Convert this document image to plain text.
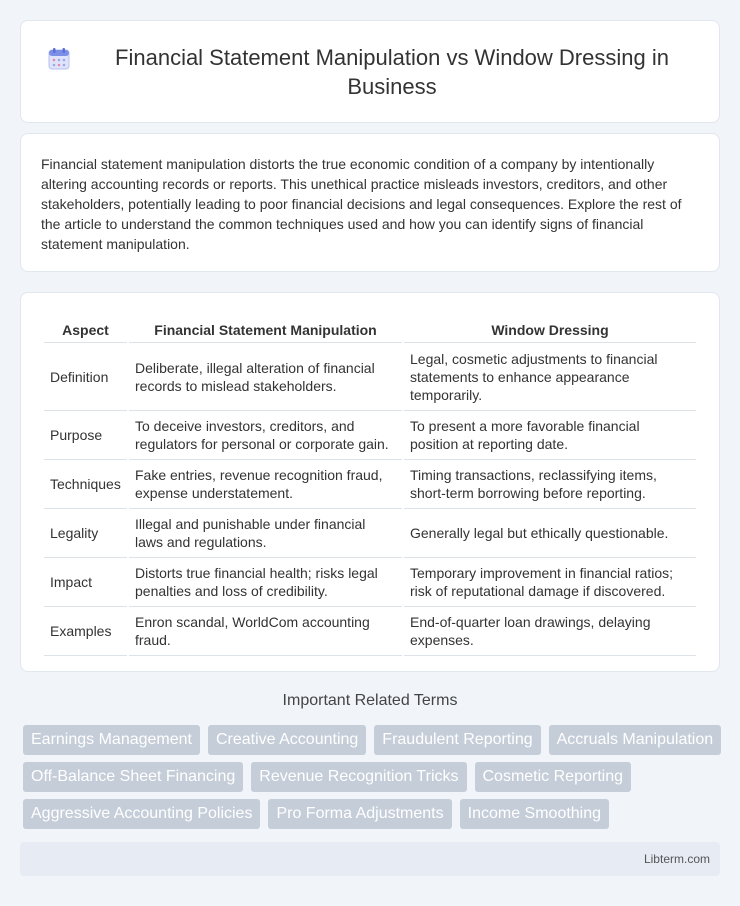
Financial Statement Manipulation vs Window Dressing in Business

Financial statement manipulation distorts the true economic condition of a company by intentionally altering accounting records or reports. This unethical practice misleads investors, creditors, and other stakeholders, potentially leading to poor financial decisions and legal consequences. Explore the rest of the article to understand the common techniques used and how you can identify signs of financial statement manipulation.

Aspect	Financial Statement Manipulation	Window Dressing
Definition	Deliberate, illegal alteration of financial records to mislead stakeholders.	Legal, cosmetic adjustments to financial statements to enhance appearance temporarily.
Purpose	To deceive investors, creditors, and regulators for personal or corporate gain.	To present a more favorable financial position at reporting date.
Techniques	Fake entries, revenue recognition fraud, expense understatement.	Timing transactions, reclassifying items, short-term borrowing before reporting.
Legality	Illegal and punishable under financial laws and regulations.	Generally legal but ethically questionable.
Impact	Distorts true financial health; risks legal penalties and loss of credibility.	Temporary improvement in financial ratios; risk of reputational damage if discovered.
Examples	Enron scandal, WorldCom accounting fraud.	End-of-quarter loan drawings, delaying expenses.
Important Related Terms
Earnings Management	Creative Accounting	Fraudulent Reporting	Accruals Manipulation
Off-Balance Sheet Financing	Revenue Recognition Tricks	Cosmetic Reporting
Aggressive Accounting Policies	Pro Forma Adjustments	Income Smoothing
Libterm.com
